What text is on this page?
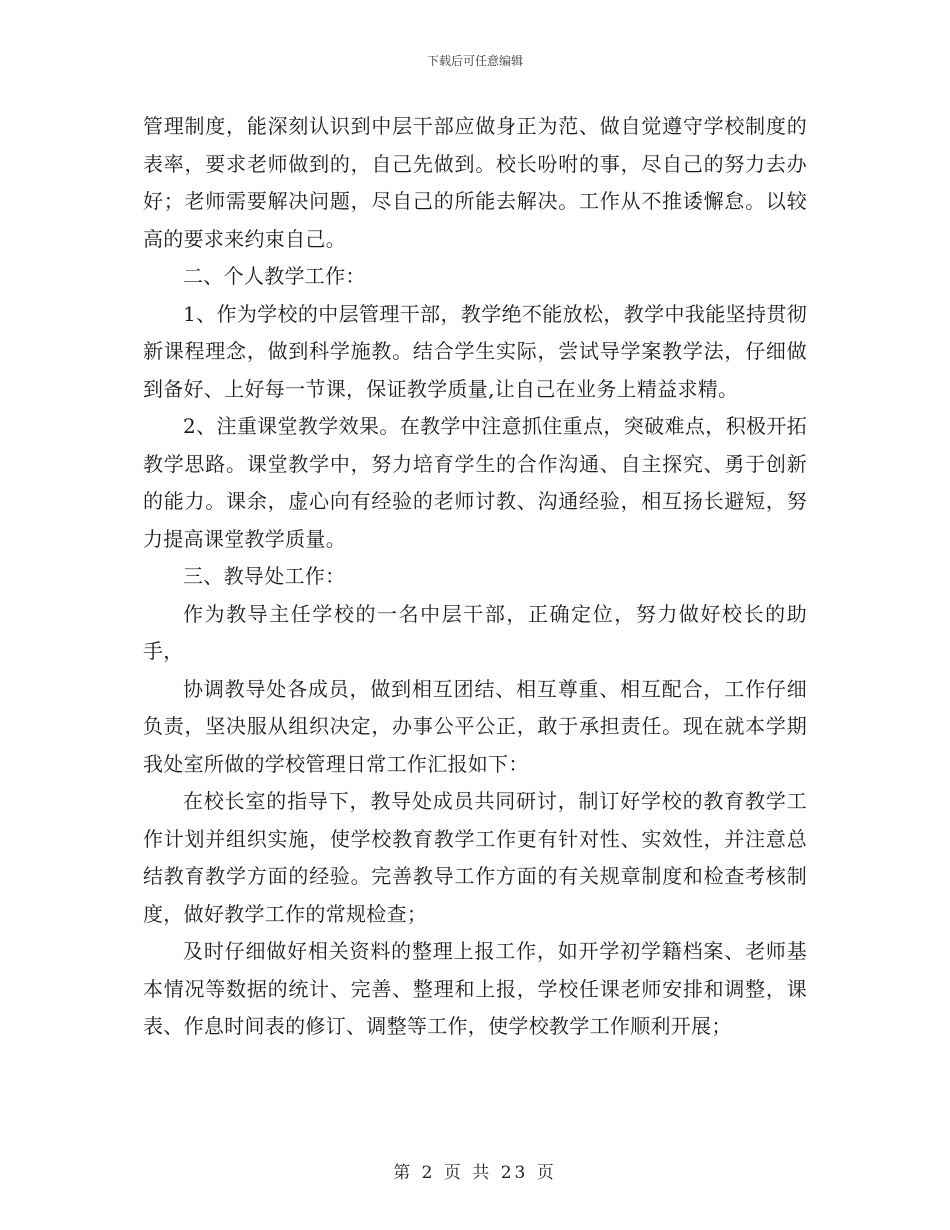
下载后可任意编辑

管理制度，能深刻认识到中层干部应做身正为范、做自觉遵守学校制度的表率，要求老师做到的，自己先做到。校长吩咐的事，尽自己的努力去办好；老师需要解决问题，尽自己的所能去解决。工作从不推诿懈怠。以较高的要求来约束自己。

二、个人教学工作：

1、作为学校的中层管理干部，教学绝不能放松，教学中我能坚持贯彻新课程理念，做到科学施教。结合学生实际，尝试导学案教学法，仔细做到备好、上好每一节课，保证教学质量,让自己在业务上精益求精。

2、注重课堂教学效果。在教学中注意抓住重点，突破难点，积极开拓教学思路。课堂教学中，努力培育学生的合作沟通、自主探究、勇于创新的能力。课余，虚心向有经验的老师讨教、沟通经验，相互扬长避短，努力提高课堂教学质量。

三、教导处工作：

作为教导主任学校的一名中层干部，正确定位，努力做好校长的助手，

协调教导处各成员，做到相互团结、相互尊重、相互配合，工作仔细负责，坚决服从组织决定，办事公平公正，敢于承担责任。现在就本学期我处室所做的学校管理日常工作汇报如下：

在校长室的指导下，教导处成员共同研讨，制订好学校的教育教学工作计划并组织实施，使学校教育教学工作更有针对性、实效性，并注意总结教育教学方面的经验。完善教导工作方面的有关规章制度和检查考核制度，做好教学工作的常规检查；

及时仔细做好相关资料的整理上报工作，如开学初学籍档案、老师基本情况等数据的统计、完善、整理和上报，学校任课老师安排和调整，课表、作息时间表的修订、调整等工作，使学校教学工作顺利开展；

第 2 页 共 23 页
